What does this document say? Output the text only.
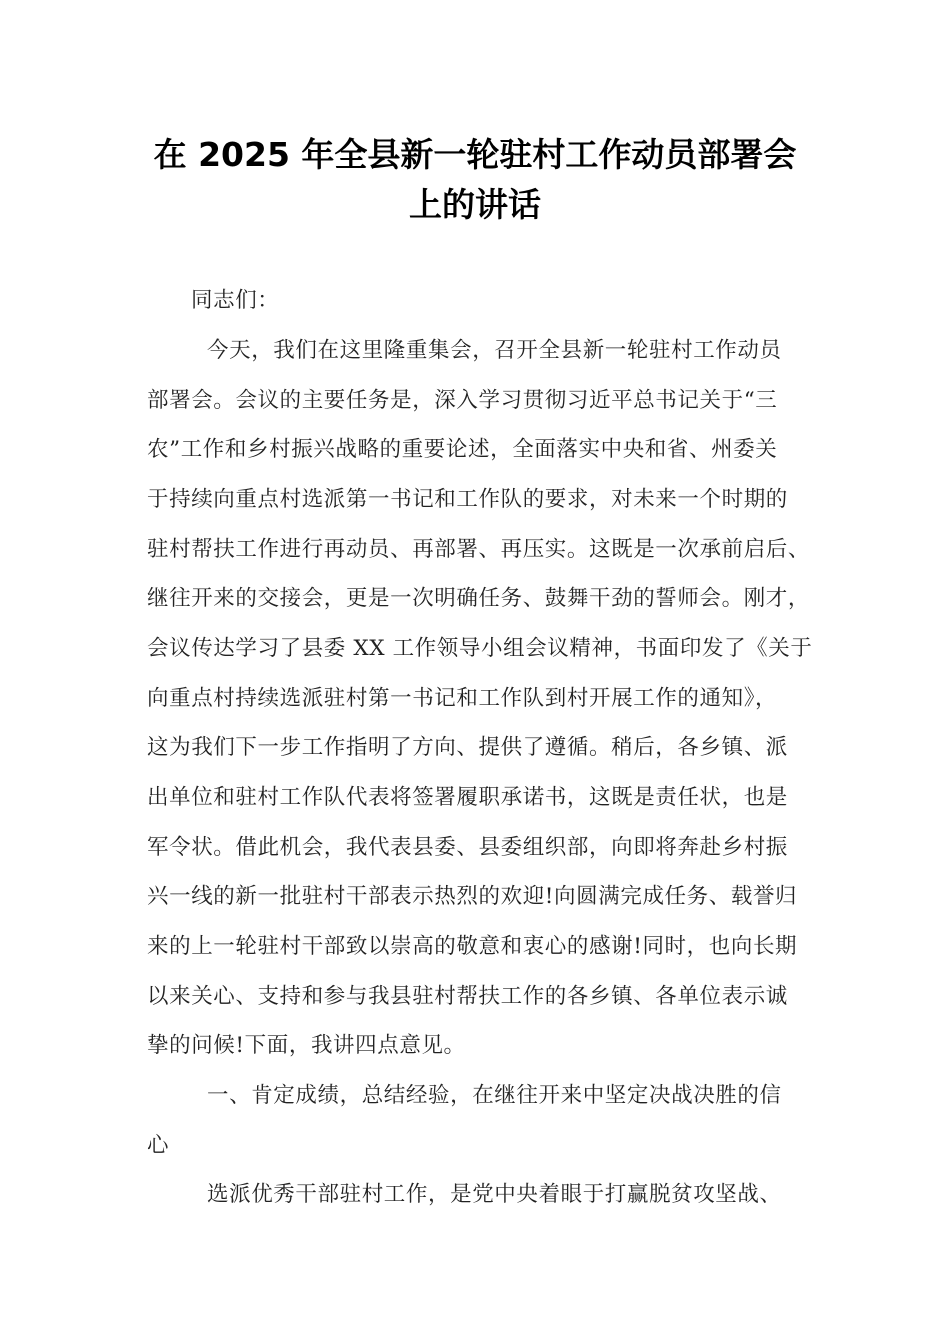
在 2025 年全县新一轮驻村工作动员部署会
上的讲话
同志们：
今天，我们在这里隆重集会，召开全县新一轮驻村工作动员
部署会。会议的主要任务是，深入学习贯彻习近平总书记关于“三
农”工作和乡村振兴战略的重要论述，全面落实中央和省、州委关
于持续向重点村选派第一书记和工作队的要求，对未来一个时期的
驻村帮扶工作进行再动员、再部署、再压实。这既是一次承前启后、
继往开来的交接会，更是一次明确任务、鼓舞干劲的誓师会。刚才，
会议传达学习了县委 XX 工作领导小组会议精神，书面印发了《关于
向重点村持续选派驻村第一书记和工作队到村开展工作的通知》，
这为我们下一步工作指明了方向、提供了遵循。稍后，各乡镇、派
出单位和驻村工作队代表将签署履职承诺书，这既是责任状，也是
军令状。借此机会，我代表县委、县委组织部，向即将奔赴乡村振
兴一线的新一批驻村干部表示热烈的欢迎!向圆满完成任务、载誉归
来的上一轮驻村干部致以崇高的敬意和衷心的感谢!同时，也向长期
以来关心、支持和参与我县驻村帮扶工作的各乡镇、各单位表示诚
挚的问候!下面，我讲四点意见。
一、肯定成绩，总结经验，在继往开来中坚定决战决胜的信
心
选派优秀干部驻村工作，是党中央着眼于打赢脱贫攻坚战、
